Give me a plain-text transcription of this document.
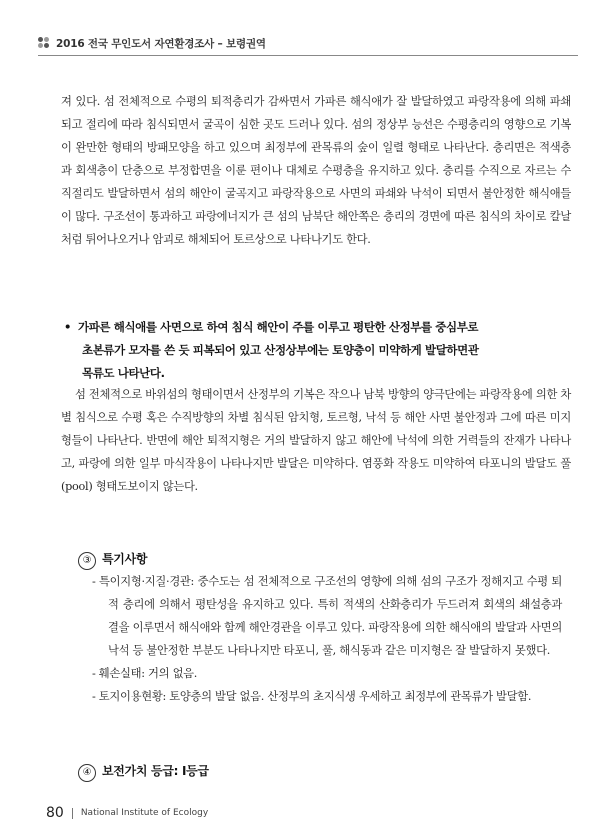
2016 전국 무인도서 자연환경조사 – 보령권역

져 있다. 섬 전체적으로 수평의 퇴적층리가 감싸면서 가파른 해식애가 잘 발달하였고 파랑작용에 의해 파쇄되고 절리에 따라 침식되면서 굴곡이 심한 곳도 드러나 있다. 섬의 정상부 능선은 수평층리의 영향으로 기복이 완만한 형태의 방패모양을 하고 있으며 최정부에 관목류의 숲이 일렬 형태로 나타난다. 층리면은 적색층과 회색층이 단층으로 부정합면을 이룬 편이나 대체로 수평층을 유지하고 있다. 층리를 수직으로 자르는 수직절리도 발달하면서 섬의 해안이 굴곡지고 파랑작용으로 사면의 파쇄와 낙석이 되면서 불안정한 해식애들이 많다. 구조선이 통과하고 파랑에너지가 큰 섬의 남북단 해안쪽은 층리의 경면에 따른 침식의 차이로 칼날처럼 튀어나오거나 암괴로 해체되어 토르상으로 나타나기도 한다.

• 가파른 해식애를 사면으로 하여 침식 해안이 주를 이루고 평탄한 산정부를 중심부로
초본류가 모자를 쓴 듯 피복되어 있고 산정상부에는 토양층이 미약하게 발달하면관
목류도 나타난다.

섬 전체적으로 바위섬의 형태이면서 산정부의 기복은 작으나 남북 방향의 양극단에는 파랑작용에 의한 차별 침식으로 수평 혹은 수직방향의 차별 침식된 암치형, 토르형, 낙석 등 해안 사면 불안정과 그에 따른 미지형들이 나타난다. 반면에 해안 퇴적지형은 거의 발달하지 않고 해안에 낙석에 의한 거력들의 잔재가 나타나고, 파랑에 의한 일부 마식작용이 나타나지만 발달은 미약하다. 염풍화 작용도 미약하여 타포니의 발달도 풀(pool) 형태도보이지 않는다.

③ 특기사항
- 특이지형·지질·경관: 중수도는 섬 전체적으로 구조선의 영향에 의해 섬의 구조가 정해지고 수평 퇴적 층리에 의해서 평탄성을 유지하고 있다. 특히 적색의 산화층리가 두드러져 회색의 쇄설층과 결을 이루면서 해식애와 함께 해안경관을 이루고 있다. 파랑작용에 의한 해식애의 발달과 사면의 낙석 등 불안정한 부분도 나타나지만 타포니, 풀, 해식동과 같은 미지형은 잘 발달하지 못했다.
- 훼손실태: 거의 없음.
- 토지이용현황: 토양층의 발달 없음. 산정부의 초지식생 우세하고 최정부에 관목류가 발달함.
④ 보전가치 등급: I등급
80 National Institute of Ecology
